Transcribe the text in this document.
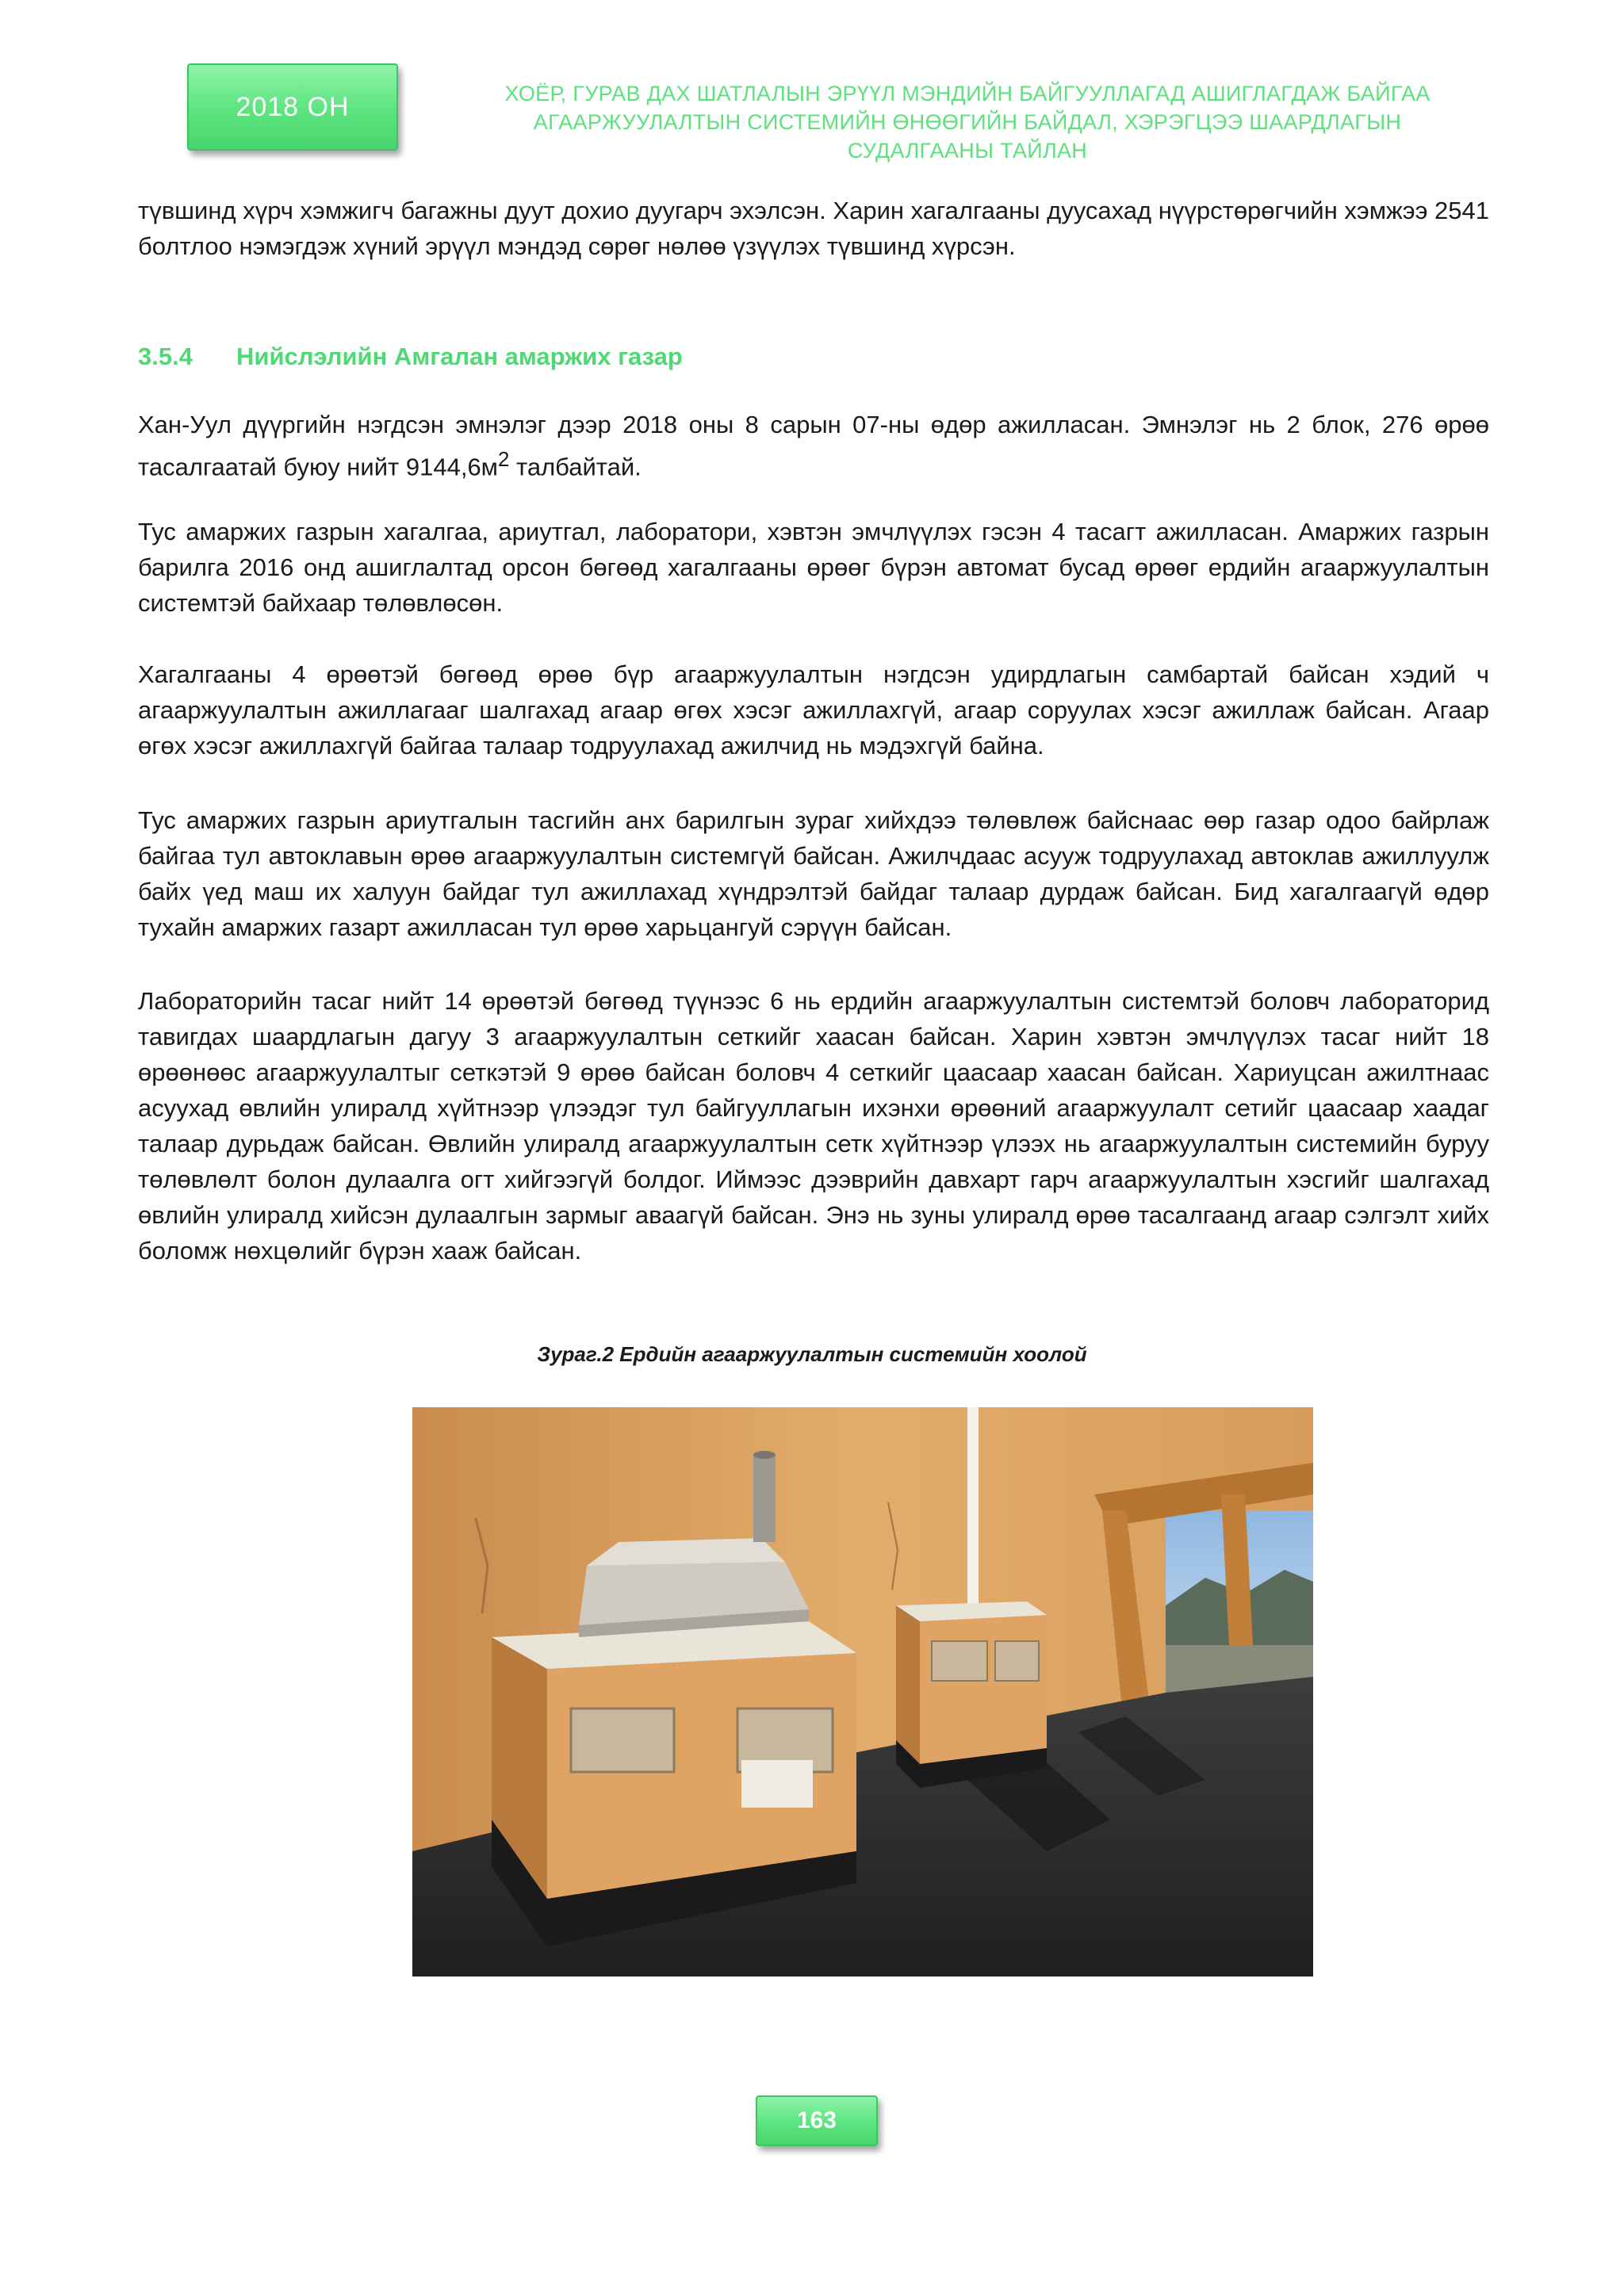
2018 ОН	ХОЁР, ГУРАВ ДАХ ШАТЛАЛЫН ЭРҮҮЛ МЭНДИЙН БАЙГУУЛЛАГАД АШИГЛАГДАЖ БАЙГАА
АГААРЖУУЛАЛТЫН СИСТЕМИЙН ӨНӨӨГИЙН БАЙДАЛ, ХЭРЭГЦЭЭ ШААРДЛАГЫН
СУДАЛГААНЫ ТАЙЛАН

түвшинд хүрч хэмжигч багажны дуут дохио дуугарч эхэлсэн. Харин хагалгааны дуусахад нүүрстөрөгчийн хэмжээ 2541 болтлоо нэмэгдэж хүний эрүүл мэндэд сөрөг нөлөө үзүүлэх түвшинд хүрсэн.

3.5.4 Нийслэлийн Амгалан амаржих газар

Хан-Уул дүүргийн нэгдсэн эмнэлэг дээр 2018 оны 8 сарын 07-ны өдөр ажилласан. Эмнэлэг нь 2 блок, 276 өрөө тасалгаатай буюу нийт $9144,6м^2$ талбайтай.

Тус амаржих газрын хагалгаа, ариутгал, лаборатори, хэвтэн эмчлүүлэх гэсэн 4 тасагт ажилласан. Амаржих газрын барилга 2016 онд ашиглалтад орсон бөгөөд хагалгааны өрөөг бүрэн автомат бусад өрөөг ердийн агааржуулалтын системтэй байхаар төлөвлөсөн.

Хагалгааны 4 өрөөтэй бөгөөд өрөө бүр агааржуулалтын нэгдсэн удирдлагын самбартай байсан хэдий ч агааржуулалтын ажиллагааг шалгахад агаар өгөх хэсэг ажиллахгүй, агаар соруулах хэсэг ажиллаж байсан. Агаар өгөх хэсэг ажиллахгүй байгаа талаар тодруулахад ажилчид нь мэдэхгүй байна.

Тус амаржих газрын ариутгалын тасгийн анх барилгын зураг хийхдээ төлөвлөж байснаас өөр газар одоо байрлаж байгаа тул автоклавын өрөө агааржуулалтын системгүй байсан. Ажилчдаас асууж тодруулахад автоклав ажиллуулж байх үед маш их халуун байдаг тул ажиллахад хүндрэлтэй байдаг талаар дурдаж байсан. Бид хагалгаагүй өдөр тухайн амаржих газарт ажилласан тул өрөө харьцангуй сэрүүн байсан.

Лабораторийн тасаг нийт 14 өрөөтэй бөгөөд түүнээс 6 нь ердийн агааржуулалтын системтэй боловч лабораторид тавигдах шаардлагын дагуу 3 агааржуулалтын сеткийг хаасан байсан. Харин хэвтэн эмчлүүлэх тасаг нийт 18 өрөөнөөс агааржуулалтыг сеткэтэй 9 өрөө байсан боловч 4 сеткийг цаасаар хаасан байсан. Хариуцсан ажилтнаас асуухад өвлийн улиралд хүйтнээр үлээдэг тул байгууллагын ихэнхи өрөөний агааржуулалт сетийг цаасаар хаадаг талаар дурьдаж байсан. Өвлийн улиралд агааржуулалтын сетк хүйтнээр үлээх нь агааржуулалтын системийн буруу төлөвлөлт болон дулаалга огт хийгээгүй болдог. Иймээс дээврийн давхарт гарч агааржуулалтын хэсгийг шалгахад өвлийн улиралд хийсэн дулаалгын зармыг аваагүй байсан. Энэ нь зуны улиралд өрөө тасалгаанд агаар сэлгэлт хийх боломж нөхцөлийг бүрэн хааж байсан.

Зураг.2 Ердийн агааржуулалтын системийн хоолой
163
